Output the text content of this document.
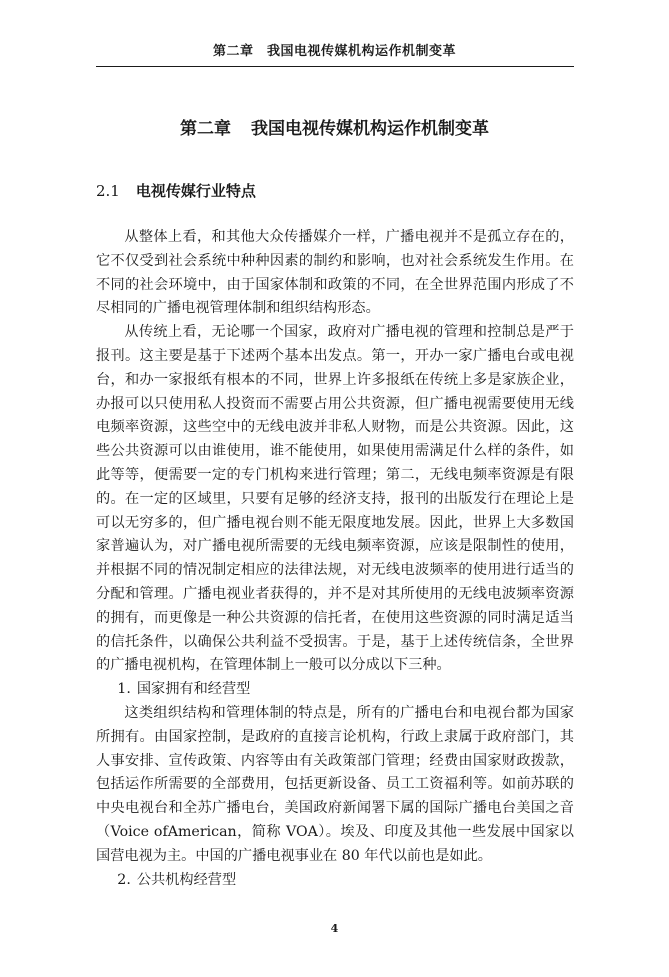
第二章　我国电视传媒机构运作机制变革
第二章 我国电视传媒机构运作机制变革
2.1 电视传媒行业特点

从整体上看，和其他大众传播媒介一样，广播电视并不是孤立存在的，它不仅受到社会系统中种种因素的制约和影响，也对社会系统发生作用。在不同的社会环境中，由于国家体制和政策的不同，在全世界范围内形成了不尽相同的广播电视管理体制和组织结构形态。

从传统上看，无论哪一个国家，政府对广播电视的管理和控制总是严于报刊。这主要是基于下述两个基本出发点。第一，开办一家广播电台或电视台，和办一家报纸有根本的不同，世界上许多报纸在传统上多是家族企业，办报可以只使用私人投资而不需要占用公共资源，但广播电视需要使用无线电频率资源，这些空中的无线电波并非私人财物，而是公共资源。因此，这些公共资源可以由谁使用，谁不能使用，如果使用需满足什么样的条件，如此等等，便需要一定的专门机构来进行管理；第二，无线电频率资源是有限的。在一定的区域里，只要有足够的经济支持，报刊的出版发行在理论上是可以无穷多的，但广播电视台则不能无限度地发展。因此，世界上大多数国家普遍认为，对广播电视所需要的无线电频率资源，应该是限制性的使用，并根据不同的情况制定相应的法律法规，对无线电波频率的使用进行适当的分配和管理。广播电视业者获得的，并不是对其所使用的无线电波频率资源的拥有，而更像是一种公共资源的信托者，在使用这些资源的同时满足适当的信托条件，以确保公共利益不受损害。于是，基于上述传统信条，全世界的广播电视机构，在管理体制上一般可以分成以下三种。

1. 国家拥有和经营型

这类组织结构和管理体制的特点是，所有的广播电台和电视台都为国家所拥有。由国家控制，是政府的直接言论机构，行政上隶属于政府部门，其人事安排、宣传政策、内容等由有关政策部门管理；经费由国家财政拨款，包括运作所需要的全部费用，包括更新设备、员工工资福利等。如前苏联的中央电视台和全苏广播电台，美国政府新闻署下属的国际广播电台美国之音（Voice ofAmerican，简称 VOA）。埃及、印度及其他一些发展中国家以国营电视为主。中国的广播电视事业在 80 年代以前也是如此。

2. 公共机构经营型

4
